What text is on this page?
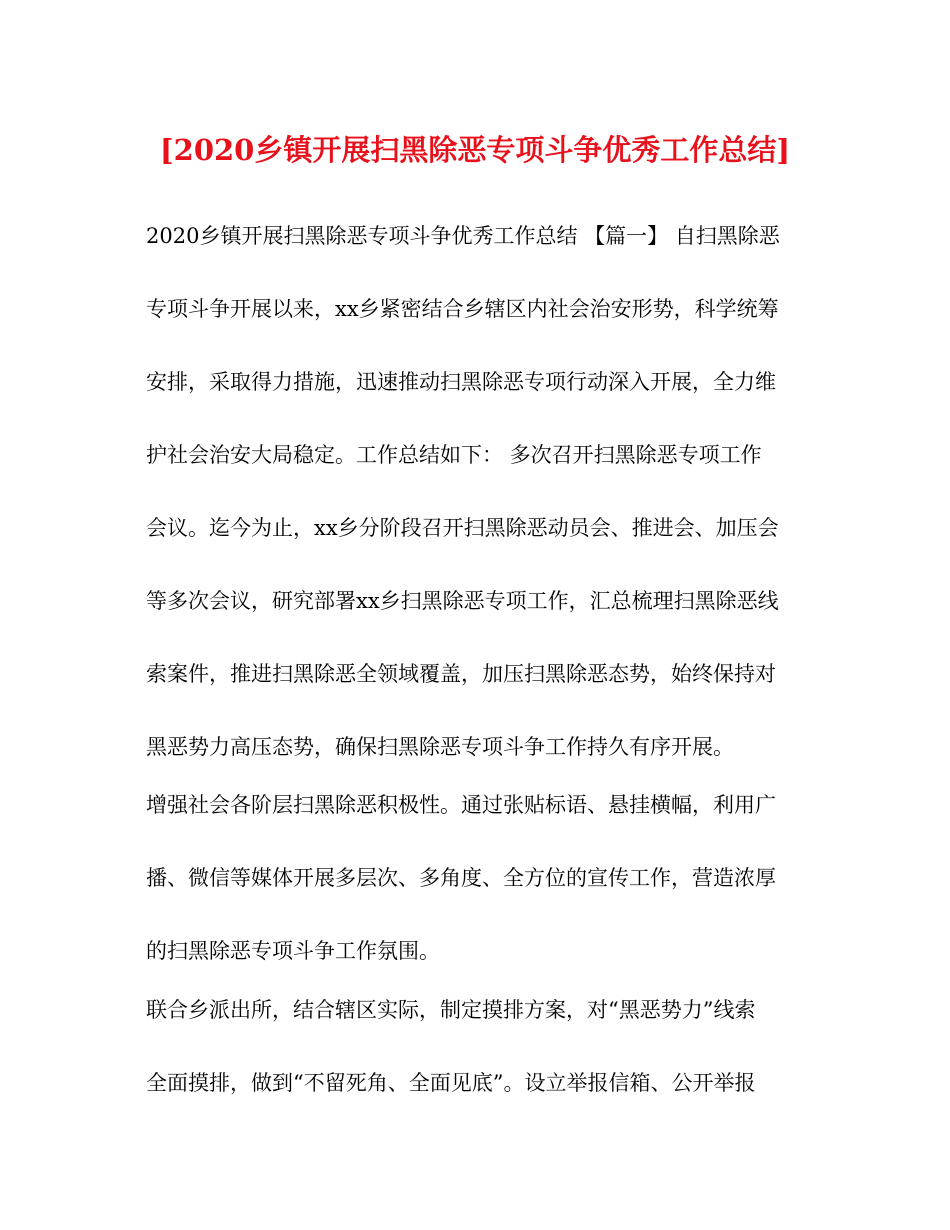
[2020乡镇开展扫黑除恶专项斗争优秀工作总结]
2020乡镇开展扫黑除恶专项斗争优秀工作总结 【篇一】 自扫黑除恶
专项斗争开展以来，xx乡紧密结合乡辖区内社会治安形势，科学统筹
安排，采取得力措施，迅速推动扫黑除恶专项行动深入开展，全力维
护社会治安大局稳定。工作总结如下： 多次召开扫黑除恶专项工作
会议。迄今为止，xx乡分阶段召开扫黑除恶动员会、推进会、加压会
等多次会议，研究部署xx乡扫黑除恶专项工作，汇总梳理扫黑除恶线
索案件，推进扫黑除恶全领域覆盖，加压扫黑除恶态势，始终保持对
黑恶势力高压态势，确保扫黑除恶专项斗争工作持久有序开展。
增强社会各阶层扫黑除恶积极性。通过张贴标语、悬挂横幅，利用广
播、微信等媒体开展多层次、多角度、全方位的宣传工作，营造浓厚
的扫黑除恶专项斗争工作氛围。
联合乡派出所，结合辖区实际，制定摸排方案，对“黑恶势力”线索
全面摸排，做到“不留死角、全面见底”。设立举报信箱、公开举报
